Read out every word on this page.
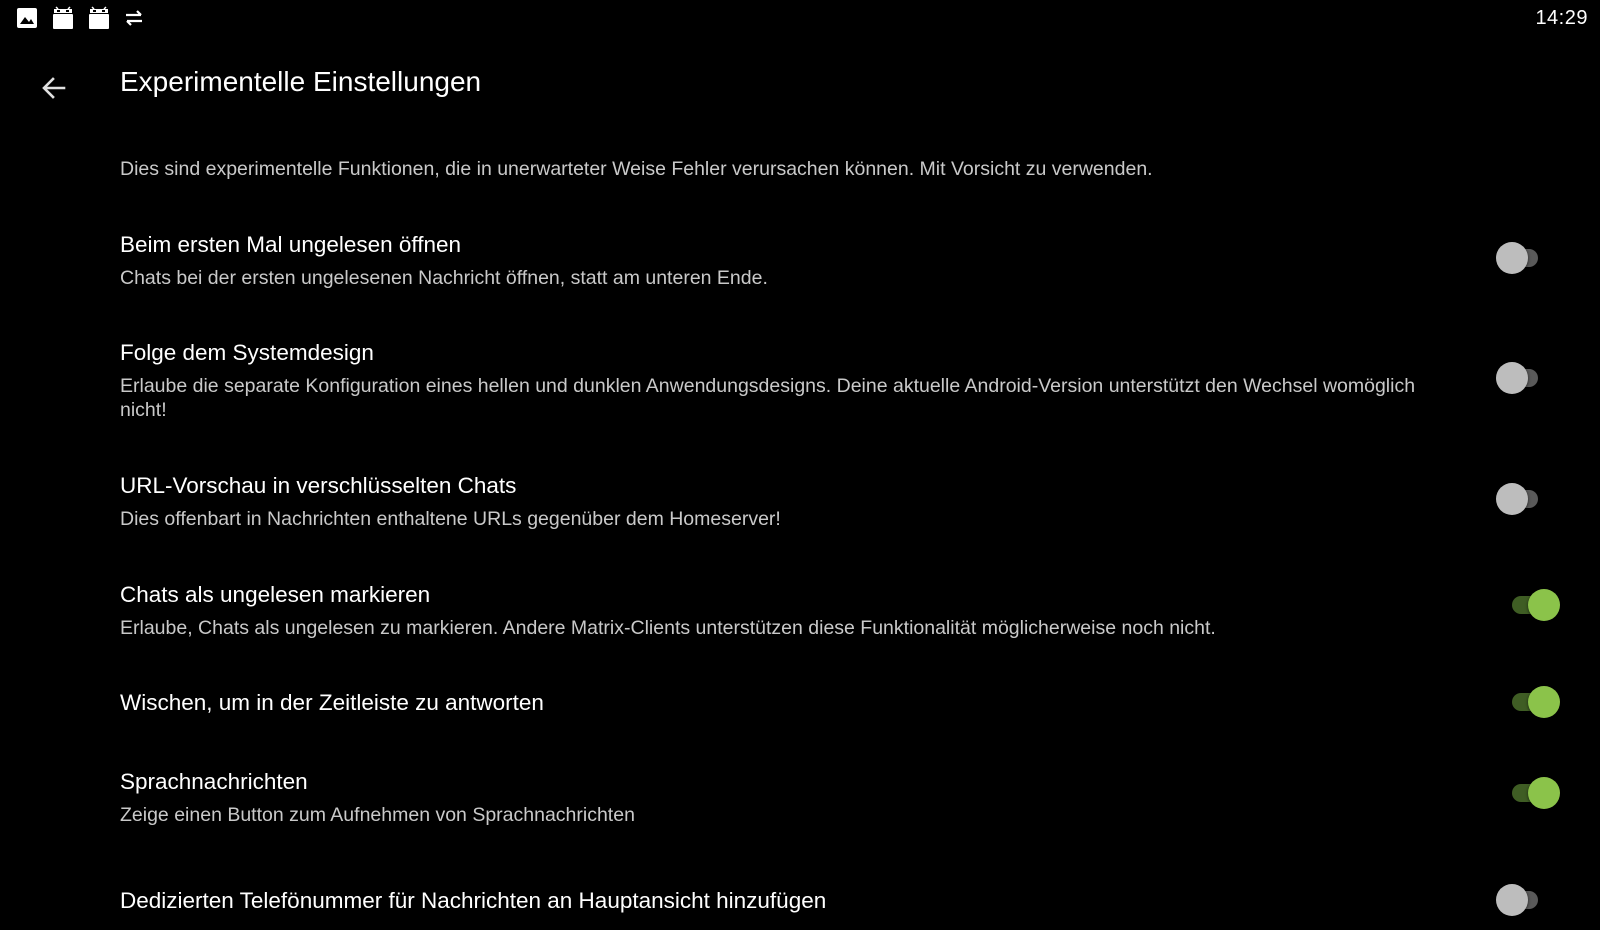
14:29
Experimentelle Einstellungen
Dies sind experimentelle Funktionen, die in unerwarteter Weise Fehler verursachen können. Mit Vorsicht zu verwenden.
Beim ersten Mal ungelesen öffnen
Chats bei der ersten ungelesenen Nachricht öffnen, statt am unteren Ende.
Folge dem Systemdesign
Erlaube die separate Konfiguration eines hellen und dunklen Anwendungsdesigns. Deine aktuelle Android-Version unterstützt den Wechsel womöglich nicht!
URL-Vorschau in verschlüsselten Chats
Dies offenbart in Nachrichten enthaltene URLs gegenüber dem Homeserver!
Chats als ungelesen markieren
Erlaube, Chats als ungelesen zu markieren. Andere Matrix-Clients unterstützen diese Funktionalität möglicherweise noch nicht.
Wischen, um in der Zeitleiste zu antworten
Sprachnachrichten
Zeige einen Button zum Aufnehmen von Sprachnachrichten
Dedizierten Telefönummer für Nachrichten an Hauptansicht hinzufügen
